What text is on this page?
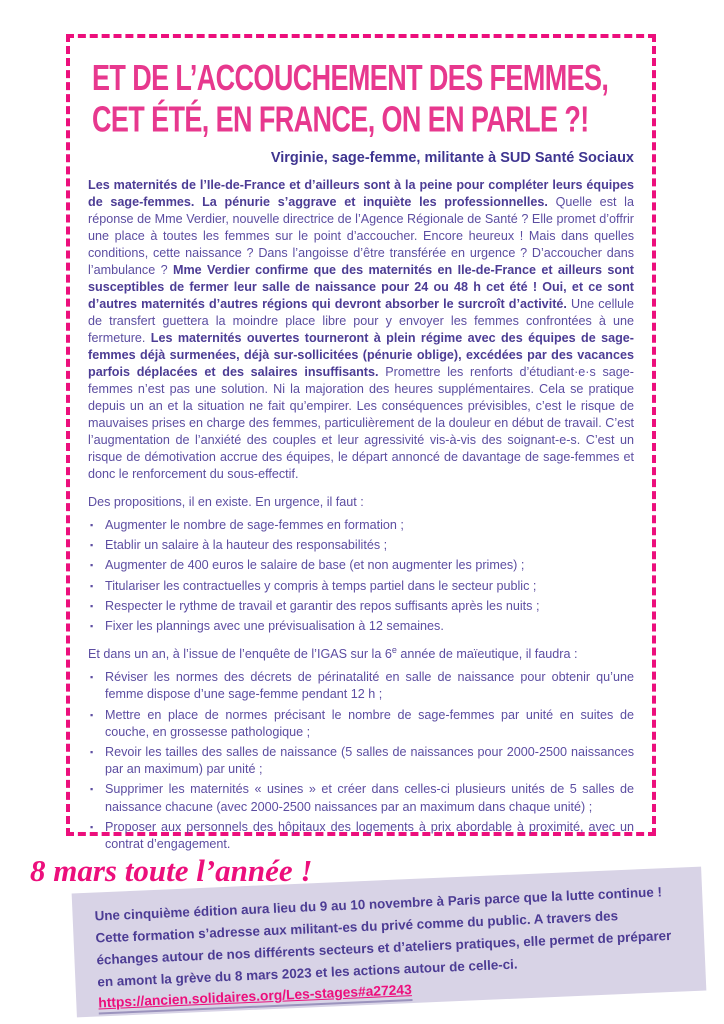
ET DE L’ACCOUCHEMENT DES FEMMES,
CET ÉTÉ, EN FRANCE, ON EN PARLE ?!
Virginie, sage-femme, militante à SUD Santé Sociaux

Les maternités de l’Ile-de-France et d’ailleurs sont à la peine pour compléter leurs équipes de sage-femmes. La pénurie s’aggrave et inquiète les professionnelles. Quelle est la réponse de Mme Verdier, nouvelle directrice de l’Agence Régionale de Santé ? Elle promet d’offrir une place à toutes les femmes sur le point d’accoucher. Encore heureux ! Mais dans quelles conditions, cette naissance ? Dans l’angoisse d’être transférée en urgence ? D’accoucher dans l’ambulance ? Mme Verdier confirme que des maternités en Ile-de-France et ailleurs sont susceptibles de fermer leur salle de naissance pour 24 ou 48 h cet été ! Oui, et ce sont d’autres maternités d’autres régions qui devront absorber le surcroît d’activité. Une cellule de transfert guettera la moindre place libre pour y envoyer les femmes confrontées à une fermeture. Les maternités ouvertes tourneront à plein régime avec des équipes de sage-femmes déjà surmenées, déjà sur-sollicitées (pénurie oblige), excédées par des vacances parfois déplacées et des salaires insuffisants. Promettre les renforts d’étudiant·e·s sage-femmes n’est pas une solution. Ni la majoration des heures supplémentaires. Cela se pratique depuis un an et la situation ne fait qu’empirer. Les conséquences prévisibles, c’est le risque de mauvaises prises en charge des femmes, particulièrement de la douleur en début de travail. C’est l’augmentation de l’anxiété des couples et leur agressivité vis-à-vis des soignant-e-s. C’est un risque de démotivation accrue des équipes, le départ annoncé de davantage de sage-femmes et donc le renforcement du sous-effectif.

Des propositions, il en existe. En urgence, il faut :

▪ Augmenter le nombre de sage-femmes en formation ;
▪ Etablir un salaire à la hauteur des responsabilités ;
▪ Augmenter de 400 euros le salaire de base (et non augmenter les primes) ;
▪ Titulariser les contractuelles y compris à temps partiel dans le secteur public ;
▪ Respecter le rythme de travail et garantir des repos suffisants après les nuits ;
▪ Fixer les plannings avec une prévisualisation à 12 semaines.

Et dans un an, à l’issue de l’enquête de l’IGAS sur la 6e année de maïeutique, il faudra :

▪ Réviser les normes des décrets de périnatalité en salle de naissance pour obtenir qu’une femme dispose d’une sage-femme pendant 12 h ;
▪ Mettre en place de normes précisant le nombre de sage-femmes par unité en suites de couche, en grossesse pathologique ;
▪ Revoir les tailles des salles de naissance (5 salles de naissances pour 2000-2500 naissances par an maximum) par unité ;
▪ Supprimer les maternités « usines » et créer dans celles-ci plusieurs unités de 5 salles de naissance chacune (avec 2000-2500 naissances par an maximum dans chaque unité) ;
▪ Proposer aux personnels des hôpitaux des logements à prix abordable à proximité, avec un contrat d’engagement.
8 mars toute l’année !

Une cinquième édition aura lieu du 9 au 10 novembre à Paris parce que la lutte continue ! Cette formation s’adresse aux militant-es du privé comme du public. A travers des échanges autour de nos différents secteurs et d’ateliers pratiques, elle permet de préparer en amont la grève du 8 mars 2023 et les actions autour de celle-ci.

https://ancien.solidaires.org/Les-stages#a27243
